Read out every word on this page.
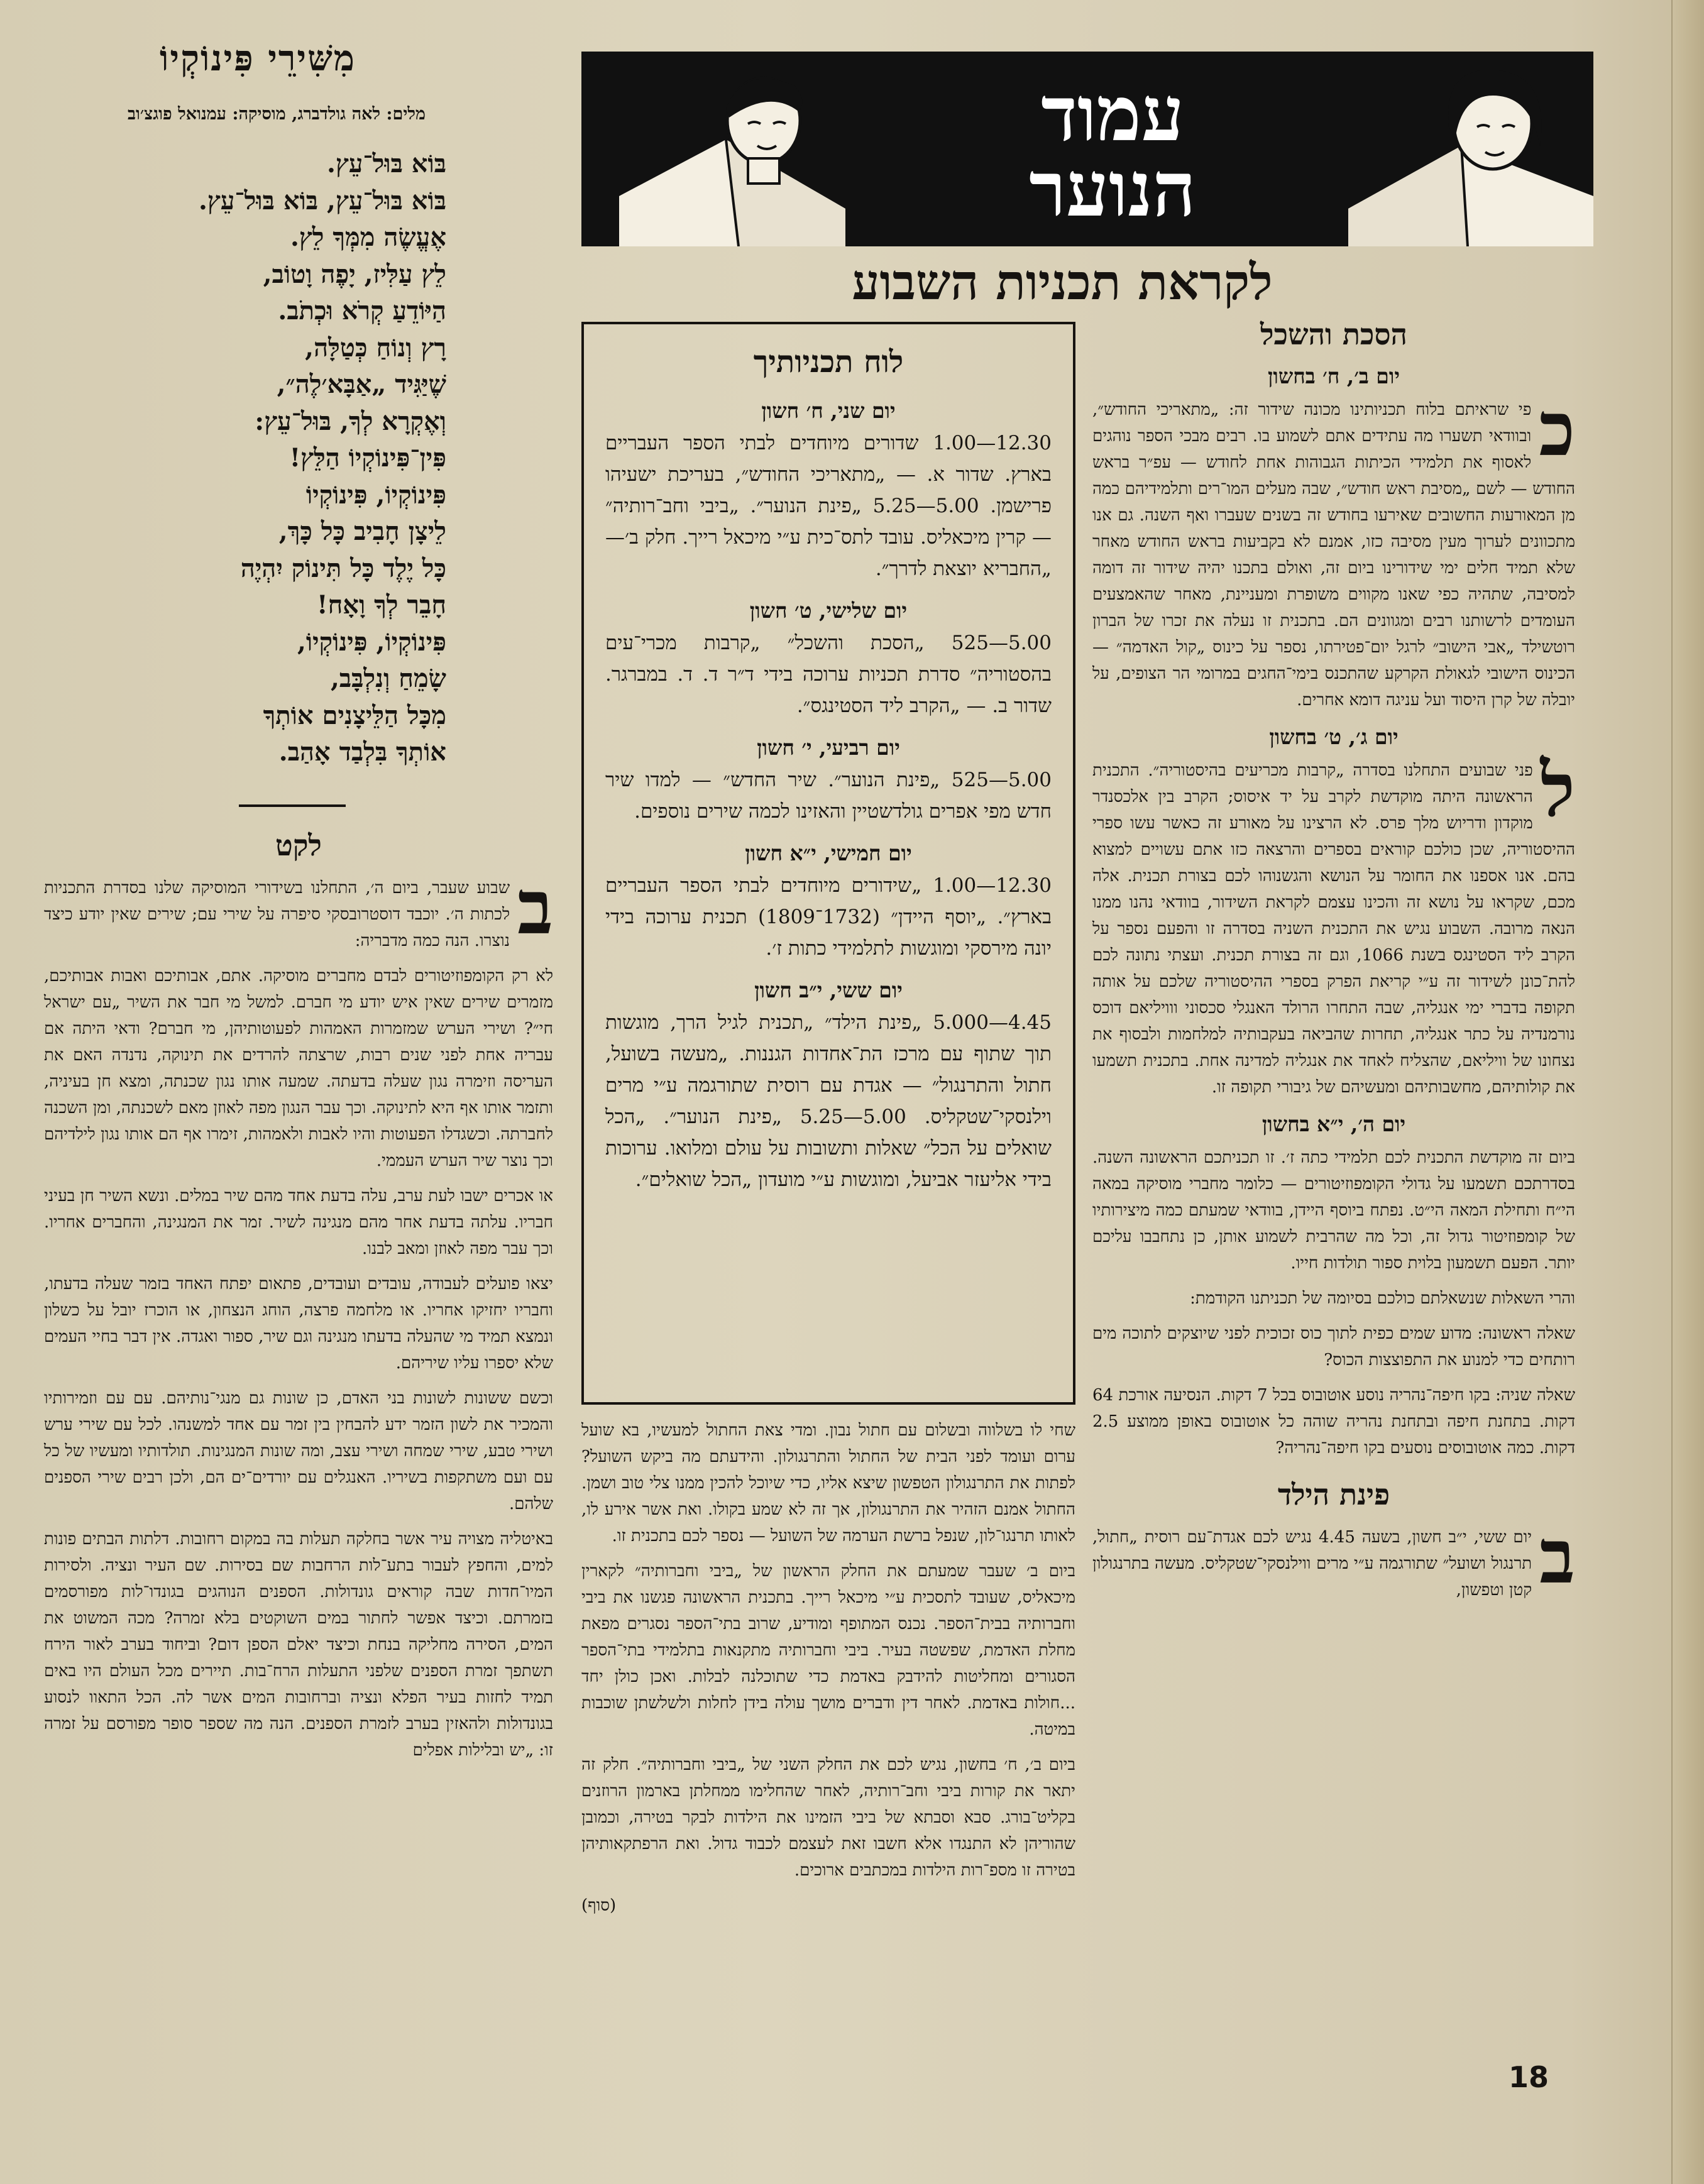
עמוד
הנוער
לקראת תכניות השבוע
הסכת והשכל
יום ב׳, ח׳ בחשון

כ
פי שראיתם בלוח תכניותינו מכונה שידור זה: „מתאריכי החודש״, ובוודאי תשערו מה עתידים אתם לשמוע בו. רבים מבכי הספר נוהגים לאסוף את תלמידי הכיתות הגבוהות אחת לחודש — עפ״ר בראש החודש — לשם „מסיבת ראש חודש״, שבה מעלים המו־רים ותלמידיהם כמה מן המאורעות החשובים שאירעו בחודש זה בשנים שעברו ואף השנה. גם אנו מתכוונים לערוך מעין מסיבה כזו, אמנם לא בקביעות בראש החודש מאחר שלא תמיד חלים ימי שידורינו ביום זה, ואולם בתכנו יהיה שידור זה דומה למסיבה, שתהיה כפי שאנו מקווים משופרת ומעניינת, מאחר שהאמצעים העומדים לרשותנו רבים ומגוונים הם. בתכנית זו נעלה את זכרו של הברון רוטשילד „אבי הישוב״ לרגל יום־פטירתו, נספר על כינוס „קול האדמה״ — הכינוס הישובי לגאולת הקרקע שהתכנס בימי־החגים במרומי הר הצופים, על יובלה של קרן היסוד ועל עניגה דומא אחרים.

יום ג׳, ט׳ בחשון

ל
פני שבועים התחלנו בסדרה „קרבות מכריעים בהיסטוריה״. התכנית הראשונה היתה מוקדשת לקרב על יד איסוס; הקרב בין אלכסנדר מוקדון ודריוש מלך פרס. לא הרצינו על מאורע זה כאשר עשו ספרי ההיסטוריה, שכן כולכם קוראים בספרים והרצאה כזו אתם עשויים למצוא בהם. אנו אספנו את החומר על הנושא והגשנוהו לכם בצורת תכנית. אלה מכם, שקראו על נושא זה והכינו עצמם לקראת השידור, בוודאי נהנו ממנו הנאה מרובה. השבוע נגיש את התכנית השניה בסדרה זו והפעם נספר על הקרב ליד הסטינגס בשנת 1066, וגם זה בצורת תכנית. ועצתי נתונה לכם להת־כונן לשידור זה ע״י קריאת הפרק בספרי ההיסטוריה שלכם על אותה תקופה בדברי ימי אנגליה, שבה התחרו הרולד האנגלי סכסוני ווויליאם דוכס נורמנדיה על כתר אנגליה, תחרות שהביאה בעקבותיה למלחמות ולבסוף את נצחונו של וויליאם, שהצליח לאחד את אנגליה למדינה אחת. בתכנית תשמעו את קולותיהם, מחשבותיהם ומעשיהם של גיבורי תקופה זו.

יום ה׳, י״א בחשון

ביום זה מוקדשת התכנית לכם תלמידי כתה ז׳. זו תכניתכם הראשונה השנה. בסדרתכם תשמעו על גדולי הקומפוזיטורים — כלומר מחברי מוסיקה במאה הי״ח ותחילת המאה הי״ט. נפתח ביוסף היידן, בוודאי שמעתם כמה מיצירותיו של קומפוזיטור גדול זה, וכל מה שהרבית לשמוע אותן, כן נתחבבו עליכם יותר. הפעם תשמעון בלוית ספור תולדות חייו.

והרי השאלות שנשאלתם כולכם בסיומה של תכניתנו הקודמת:

שאלה ראשונה: מדוע שמים כפית לתוך כוס זכוכית לפני שיוצקים לתוכה מים רותחים כדי למנוע את התפוצצות הכוס?

שאלה שניה: בקו חיפה־נהריה נוסע אוטובוס בכל 7 דקות. הנסיעה אורכת 64 דקות. בתחנת חיפה ובתחנת נהריה שוהה כל אוטובוס באופן ממוצע 2.5 דקות. כמה אוטובוסים נוסעים בקו חיפה־נהריה?

פינת הילד

ב
יום ששי, י״ב חשון, בשעה 4.45 נגיש לכם אגדת־עם רוסית „חתול, תרנגול ושועל״ שתורגמה ע״י מרים ווילנסקי־שטקליס. מעשה בתרנגולון קטן וטפשון,

לוח תכניותיך
יום שני, ח׳ חשון

12.30—1.00 שדורים מיוחדים לבתי הספר העבריים בארץ. שדור א. — „מתאריכי החודש״, בעריכת ישעיהו פרישמן. 5.00—5.25 „פינת הנוער״. „ביבי וחב־רותיה״ — קרין מיכאליס. עובד לתס־כית ע״י מיכאל רייך. חלק ב׳—„החבריא יוצאת לדרך״.

יום שלישי, ט׳ חשון

5.00—525 „הסכת והשכל״ „קרבות מכרי־עים בהסטוריה״ סדרת תכניות ערוכה בידי ד״ר ד. ד. במברגר. שדור ב. — „הקרב ליד הסטינגס״.

יום רביעי, י׳ חשון

5.00—525 „פינת הנוער״. שיר החדש״ — למדו שיר חדש מפי אפרים גולדשטיין והאזינו לכמה שירים נוספים.

יום חמישי, י״א חשון

12.30—1.00 „שידורים מיוחדים לבתי הספר העבריים בארץ״. „יוסף היידן״ (1732־1809) תכנית ערוכה בידי יונה מירסקי ומוגשות לתלמידי כתות ז׳.

יום ששי, י״ב חשון

4.45—5.000 „פינת הילד״ „תכנית לגיל הרך, מוגשות תוך שתוף עם מרכז הת־אחדות הגננות. „מעשה בשועל, חתול והתרנגול״ — אגדת עם רוסית שתורגמה ע״י מרים וילנסקי־שטקליס. 5.00—5.25 „פינת הנוער״. „הכל שואלים על הכל״ שאלות ותשובות על עולם ומלואו. ערוכות בידי אליעזר אביעל, ומוגשות ע״י מועדון „הכל שואלים״.

שחי לו בשלווה ובשלום עם חתול נבון. ומדי צאת החתול למעשיו, בא שועל ערום ועומד לפני הבית של החתול והתרנגולון. והידעתם מה ביקש השועל? לפתות את התרנגולון הטפשון שיצא אליו, כדי שיוכל להכין ממנו צלי טוב ושמן. החתול אמנם הזהיר את התרנגולון, אך זה לא שמע בקולו. ואת אשר אירע לו, לאותו תרנגו־לון, שנפל ברשת הערמה של השועל — נספר לכם בתכנית זו.

ביום ב׳ שעבר שמעתם את החלק הראשון של „ביבי וחברותיה״ לקארין מיכאליס, שעובד לתסכית ע״י מיכאל רייך. בתכנית הראשונה פגשנו את ביבי וחברותיה בבית־הספר. נכנס המתופף ומודיע, שרוב בתי־הספר נסגרים מפאת מחלת האדמת, שפשטה בעיר. ביבי וחברותיה מתקנאות בתלמידי בתי־הספר הסגורים ומחליטות להידבק באדמת כדי שתוכלנה לבלות. ואכן כולן יחד ...חולות באדמת. לאחר דין ודברים מושך עולה בידן לחלות ולשלשתן שוכבות במיטה.

ביום ב׳, ח׳ בחשון, נגיש לכם את החלק השני של „ביבי וחברותיה״. חלק זה יתאר את קורות ביבי וחב־רותיה, לאחר שהחלימו ממחלתן בארמון הרוזנים בקליט־בורג. סבא וסבתא של ביבי הזמינו את הילדות לבקר בטירה, וכמובן שהוריהן לא התנגדו אלא חשבו זאת לעצמם לכבוד גדול. ואת הרפתקאותיהן בטירה זו מספ־רות הילדות במכתבים ארוכים.

(סוף)

מִשִּׁירֵי פִּינוֹקְיוֹ
מלים: לאה גולדברג, מוסיקה: עמנואל פוגצ׳וב
בּוֹא בּוּל־עֵץ.
בּוֹא בּוּל־עֵץ, בּוֹא בּוּל־עֵץ.
אֶעֱשֶׂה מִמְּךָ לֵץ.
לֵץ עַלִּיז, יָפֶה וָטוֹב,
הַיּוֹדֵעַ קְרֹא וּכְתֹב.
רָץ וְנוֹחַ כְּטַלָּה,
שֶׁיַּגִּיד „אַבָּא׳לֶה״,
וְאֶקְרָא לְךָ, בּוּל־עֵץ:
פִּין־פִּינוֹקְיוֹ הַלֵּץ!
פִּינוֹקְיוֹ, פִּינוֹקְיוֹ
לֵיצָן חָבִיב כָּל כָּךְ,
כָּל יֶלֶד כָּל תִּינוֹק יִהְיֶה
חָבֵר לְךָ וָאָח!
פִּינוֹקְיוֹ, פִּינוֹקְיוֹ,
שָׂמֵחַ וְנִלְבָּב,
מִכָּל הַלֵּיצָנִים אוֹתְךָ
אוֹתְךָ בִּלְבַד אָהַב.
לקט

ב
שבוע שעבר, ביום ה׳, התחלנו בשידורי המוסיקה שלנו בסדרת התכניות לכתות ה׳. יוכבד דוסטרובסקי סיפרה על שירי עם; שירים שאין יודע כיצד נוצרו. הנה כמה מדבריה:

לא רק הקומפוזיטורים לבדם מחברים מוסיקה. אתם, אבותיכם ואבות אבותיכם, מזמרים שירים שאין איש יודע מי חברם. למשל מי חבר את השיר „עם ישראל חי״? ושירי הערש שמזמרות האמהות לפעוטותיהן, מי חברם? ודאי היתה אם עבריה אחת לפני שנים רבות, שרצתה להרדים את תינוקה, נדנדה האם את העריסה וזימרה נגון שעלה בדעתה. שמעה אותו נגון שכנתה, ומצא חן בעיניה, ותזמר אותו אף היא לתינוקה. וכך עבר הנגון מפה לאוזן מאם לשכנתה, ומן השכנה לחברתה. וכשגדלו הפעוטות והיו לאבות ולאמהות, זימרו אף הם אותו נגון לילדיהם וכך נוצר שיר הערש העממי.

או אכרים ישבו לעת ערב, עלה בדעת אחד מהם שיר במלים. ונשא השיר חן בעיני חבריו. עלתה בדעת אחר מהם מנגינה לשיר. זמר את המנגינה, והחברים אחריו. וכך עבר מפה לאוזן ומאב לבנו.

יצאו פועלים לעבודה, עובדים ועובדים, פתאום יפתח האחד בזמר שעלה בדעתו, וחבריו יחזיקו אחריו. או מלחמה פרצה, הוחג הנצחון, או הוכרז יובל על כשלון ונמצא תמיד מי שהעלה בדעתו מנגינה וגם שיר, ספור ואגדה. אין דבר בחיי העמים שלא יספרו עליו שיריהם.

וכשם ששונות לשונות בני האדם, כן שונות גם מנגי־נותיהם. עם עם וזמירותיו והמכיר את לשון הזמר ידע להבחין בין זמר עם אחד למשנהו. לכל עם שירי ערש ושירי טבע, שירי שמחה ושירי עצב, ומה שונות המנגינות. תולדותיו ומעשיו של כל עם ועם משתקפות בשיריו. האנגלים עם יורדים־ים הם, ולכן רבים שירי הספנים שלהם.

באיטליה מצויה עיר אשר בחלקה תעלות בה במקום רחובות. דלתות הבתים פונות למים, והחפץ לעבור בתע־לות הרחבות שם בסירות. שם העיר ונציה. ולסירות המיו־חדות שבה קוראים גונדולות. הספנים הנוהגים בגונדו־לות מפורסמים בזמרתם. וכיצד אפשר לחתור במים השוקטים בלא זמרה? מכה המשוט את המים, הסירה מחליקה בנחת וכיצד יאלם הספן דום? וביחוד בערב לאור הירח תשתפך זמרת הספנים שלפני התעלות הרח־בות. תיירים מכל העולם היו באים תמיד לחזות בעיר הפלא ונציה וברחובות המים אשר לה. הכל התאוו לנסוע בגונדולות ולהאזין בערב לזמרת הספנים. הנה מה שספר סופר מפורסם על זמרה זו: „יש ובלילות אפלים

18
